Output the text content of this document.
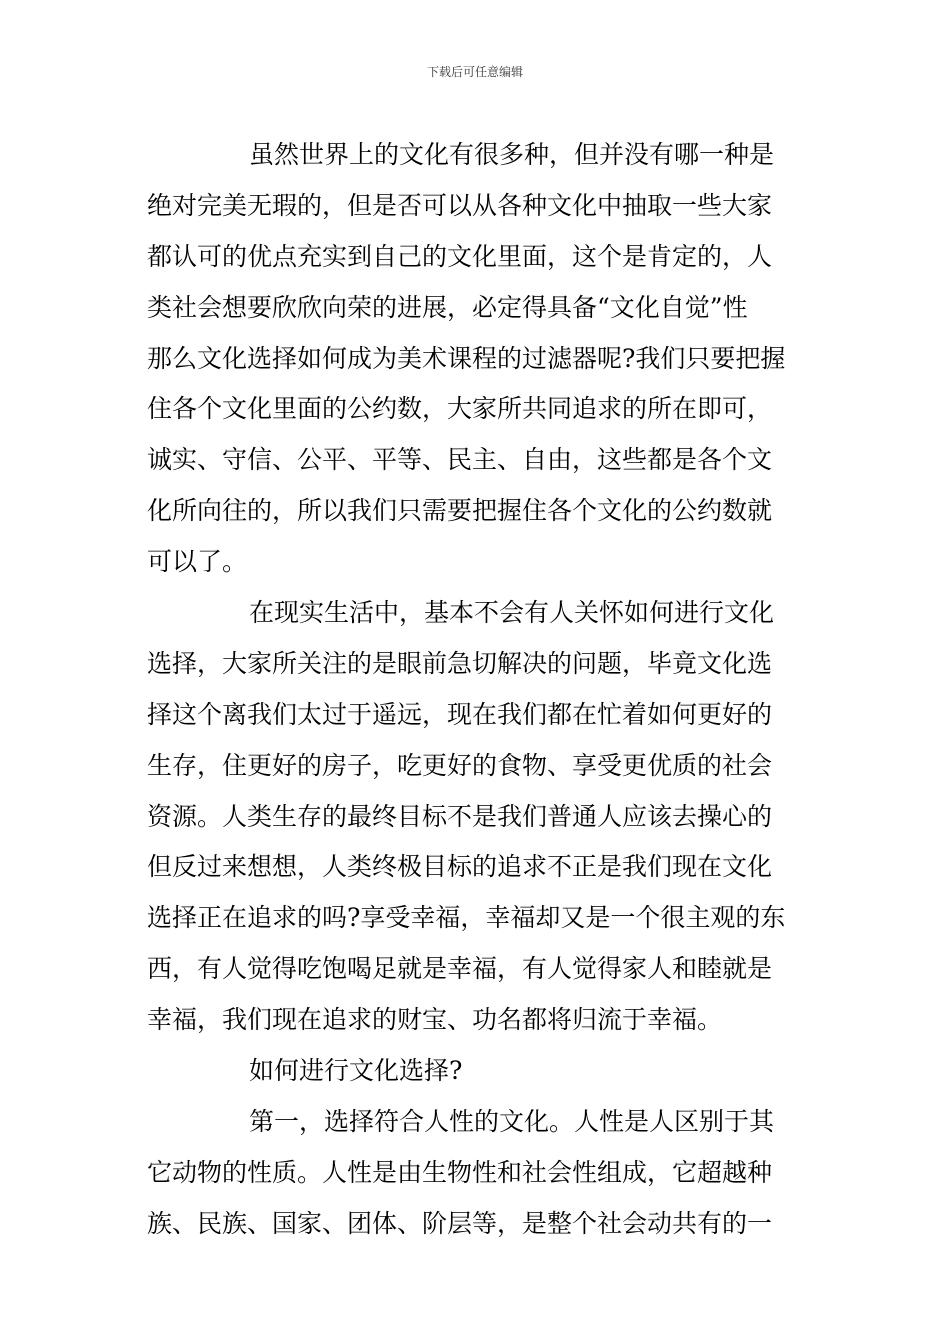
下载后可任意编辑
虽然世界上的文化有很多种，但并没有哪一种是
绝对完美无瑕的，但是否可以从各种文化中抽取一些大家
都认可的优点充实到自己的文化里面，这个是肯定的，人
类社会想要欣欣向荣的进展，必定得具备“文化自觉”性
那么文化选择如何成为美术课程的过滤器呢?我们只要把握
住各个文化里面的公约数，大家所共同追求的所在即可，
诚实、守信、公平、平等、民主、自由，这些都是各个文
化所向往的，所以我们只需要把握住各个文化的公约数就
可以了。
在现实生活中，基本不会有人关怀如何进行文化
选择，大家所关注的是眼前急切解决的问题，毕竟文化选
择这个离我们太过于遥远，现在我们都在忙着如何更好的
生存，住更好的房子，吃更好的食物、享受更优质的社会
资源。人类生存的最终目标不是我们普通人应该去操心的
但反过来想想，人类终极目标的追求不正是我们现在文化
选择正在追求的吗?享受幸福，幸福却又是一个很主观的东
西，有人觉得吃饱喝足就是幸福，有人觉得家人和睦就是
幸福，我们现在追求的财宝、功名都将归流于幸福。
如何进行文化选择?
第一，选择符合人性的文化。人性是人区别于其
它动物的性质。人性是由生物性和社会性组成，它超越种
族、民族、国家、团体、阶层等，是整个社会动共有的一
